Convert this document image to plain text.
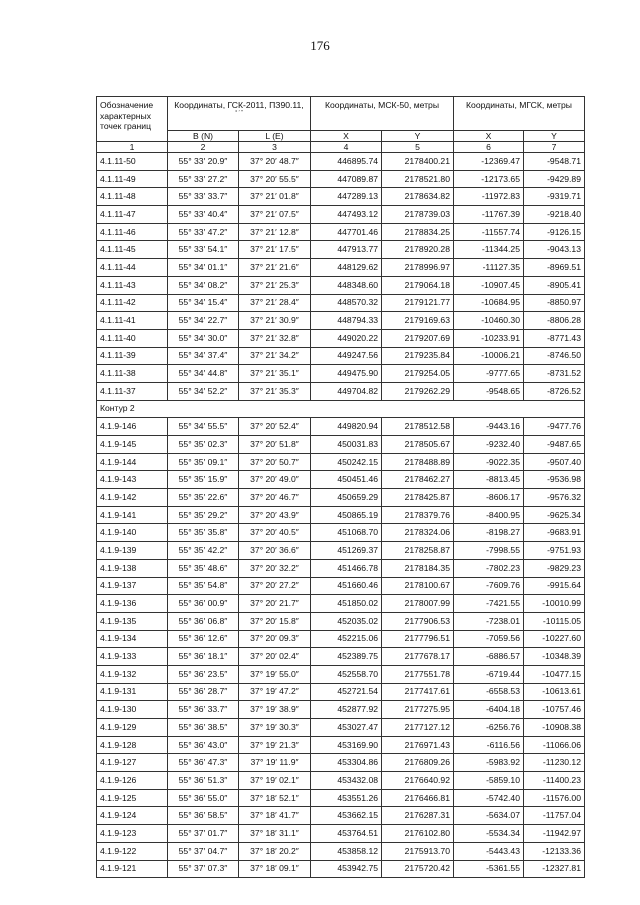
176
Обозначение характерных точек границ	Координаты, ГСК-2011, ПЗ90.11,
° ′ ″		Координаты, МСК-50, метры		Координаты, МГСК, метры	
	B (N)	L (E)	X	Y	X	Y
1	2	3	4	5	6	7
4.1.11-50	55° 33′ 20.9″	37° 20′ 48.7″	446895.74	2178400.21	-12369.47	-9548.71
4.1.11-49	55° 33′ 27.2″	37° 20′ 55.5″	447089.87	2178521.80	-12173.65	-9429.89
4.1.11-48	55° 33′ 33.7″	37° 21′ 01.8″	447289.13	2178634.82	-11972.83	-9319.71
4.1.11-47	55° 33′ 40.4″	37° 21′ 07.5″	447493.12	2178739.03	-11767.39	-9218.40
4.1.11-46	55° 33′ 47.2″	37° 21′ 12.8″	447701.46	2178834.25	-11557.74	-9126.15
4.1.11-45	55° 33′ 54.1″	37° 21′ 17.5″	447913.77	2178920.28	-11344.25	-9043.13
4.1.11-44	55° 34′ 01.1″	37° 21′ 21.6″	448129.62	2178996.97	-11127.35	-8969.51
4.1.11-43	55° 34′ 08.2″	37° 21′ 25.3″	448348.60	2179064.18	-10907.45	-8905.41
4.1.11-42	55° 34′ 15.4″	37° 21′ 28.4″	448570.32	2179121.77	-10684.95	-8850.97
4.1.11-41	55° 34′ 22.7″	37° 21′ 30.9″	448794.33	2179169.63	-10460.30	-8806.28
4.1.11-40	55° 34′ 30.0″	37° 21′ 32.8″	449020.22	2179207.69	-10233.91	-8771.43
4.1.11-39	55° 34′ 37.4″	37° 21′ 34.2″	449247.56	2179235.84	-10006.21	-8746.50
4.1.11-38	55° 34′ 44.8″	37° 21′ 35.1″	449475.90	2179254.05	-9777.65	-8731.52
4.1.11-37	55° 34′ 52.2″	37° 21′ 35.3″	449704.82	2179262.29	-9548.65	-8726.52
Контур 2						
4.1.9-146	55° 34′ 55.5″	37° 20′ 52.4″	449820.94	2178512.58	-9443.16	-9477.76
4.1.9-145	55° 35′ 02.3″	37° 20′ 51.8″	450031.83	2178505.67	-9232.40	-9487.65
4.1.9-144	55° 35′ 09.1″	37° 20′ 50.7″	450242.15	2178488.89	-9022.35	-9507.40
4.1.9-143	55° 35′ 15.9″	37° 20′ 49.0″	450451.46	2178462.27	-8813.45	-9536.98
4.1.9-142	55° 35′ 22.6″	37° 20′ 46.7″	450659.29	2178425.87	-8606.17	-9576.32
4.1.9-141	55° 35′ 29.2″	37° 20′ 43.9″	450865.19	2178379.76	-8400.95	-9625.34
4.1.9-140	55° 35′ 35.8″	37° 20′ 40.5″	451068.70	2178324.06	-8198.27	-9683.91
4.1.9-139	55° 35′ 42.2″	37° 20′ 36.6″	451269.37	2178258.87	-7998.55	-9751.93
4.1.9-138	55° 35′ 48.6″	37° 20′ 32.2″	451466.78	2178184.35	-7802.23	-9829.23
4.1.9-137	55° 35′ 54.8″	37° 20′ 27.2″	451660.46	2178100.67	-7609.76	-9915.64
4.1.9-136	55° 36′ 00.9″	37° 20′ 21.7″	451850.02	2178007.99	-7421.55	-10010.99
4.1.9-135	55° 36′ 06.8″	37° 20′ 15.8″	452035.02	2177906.53	-7238.01	-10115.05
4.1.9-134	55° 36′ 12.6″	37° 20′ 09.3″	452215.06	2177796.51	-7059.56	-10227.60
4.1.9-133	55° 36′ 18.1″	37° 20′ 02.4″	452389.75	2177678.17	-6886.57	-10348.39
4.1.9-132	55° 36′ 23.5″	37° 19′ 55.0″	452558.70	2177551.78	-6719.44	-10477.15
4.1.9-131	55° 36′ 28.7″	37° 19′ 47.2″	452721.54	2177417.61	-6558.53	-10613.61
4.1.9-130	55° 36′ 33.7″	37° 19′ 38.9″	452877.92	2177275.95	-6404.18	-10757.46
4.1.9-129	55° 36′ 38.5″	37° 19′ 30.3″	453027.47	2177127.12	-6256.76	-10908.38
4.1.9-128	55° 36′ 43.0″	37° 19′ 21.3″	453169.90	2176971.43	-6116.56	-11066.06
4.1.9-127	55° 36′ 47.3″	37° 19′ 11.9″	453304.86	2176809.26	-5983.92	-11230.12
4.1.9-126	55° 36′ 51.3″	37° 19′ 02.1″	453432.08	2176640.92	-5859.10	-11400.23
4.1.9-125	55° 36′ 55.0″	37° 18′ 52.1″	453551.26	2176466.81	-5742.40	-11576.00
4.1.9-124	55° 36′ 58.5″	37° 18′ 41.7″	453662.15	2176287.31	-5634.07	-11757.04
4.1.9-123	55° 37′ 01.7″	37° 18′ 31.1″	453764.51	2176102.80	-5534.34	-11942.97
4.1.9-122	55° 37′ 04.7″	37° 18′ 20.2″	453858.12	2175913.70	-5443.43	-12133.36
4.1.9-121	55° 37′ 07.3″	37° 18′ 09.1″	453942.75	2175720.42	-5361.55	-12327.81
